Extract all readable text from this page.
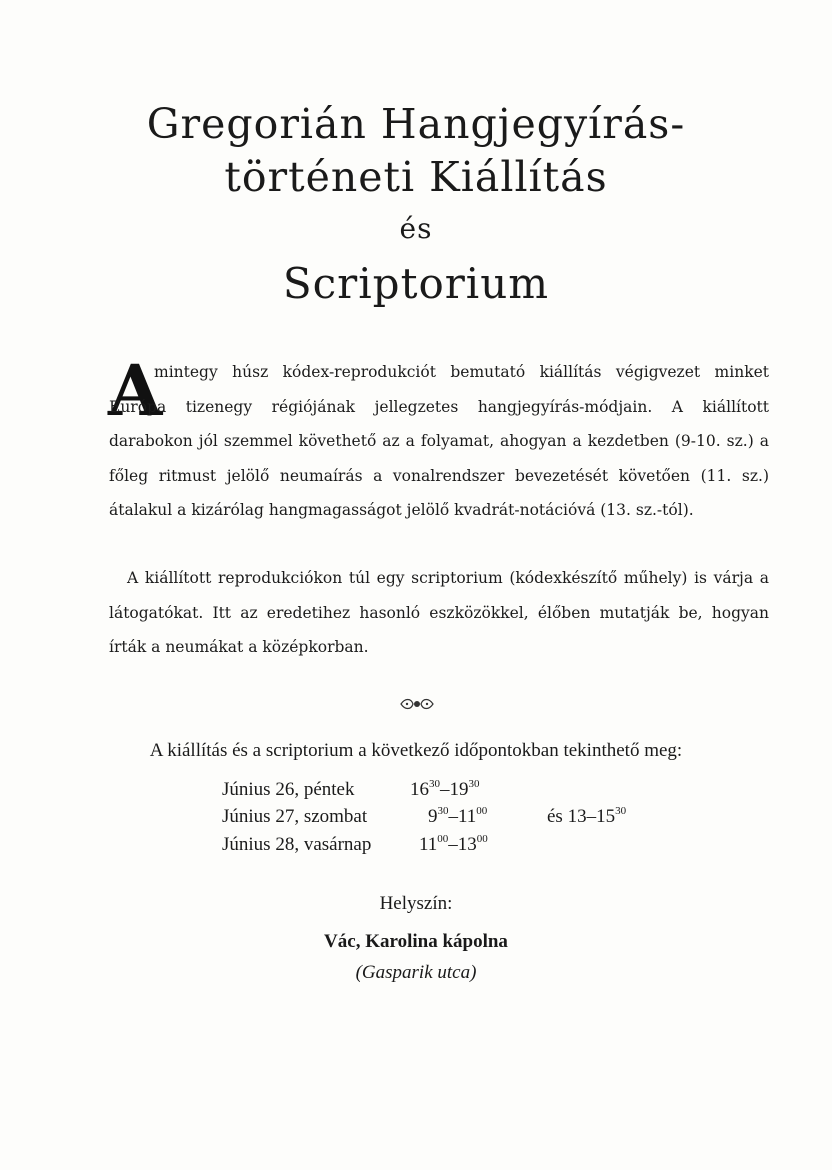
Gregorián Hangjegyírás-
történeti Kiállítás
és
Scriptorium
A
mintegy húsz kódex-reprodukciót bemutató kiállítás végigvezet minket Európa tizenegy régiójának jellegzetes hangjegyírás-módjain. A kiállított darabokon jól szemmel követhető az a folyamat, ahogyan a kezdetben (9-10. sz.) a főleg ritmust jelölő neumaírás a vonalrendszer bevezetését követően (11. sz.) átalakul a kizárólag hangmagasságot jelölő kvadrát-notációvá (13. sz.-tól).
A kiállított reprodukciókon túl egy scriptorium (kódexkészítő műhely) is várja a látogatókat. Itt az eredetihez hasonló eszközökkel, élőben mutatják be, hogyan írták a neumákat a középkorban.
A kiállítás és a scriptorium a következő időpontokban tekinthető meg:
Június 26, péntek	$16^{30}-19^{30}$
Június 27, szombat	$9^{30}-11^{00}$	és $13-15^{30}$
Június 28, vasárnap	$11^{00}-13^{00}$
Helyszín:
Vác, Karolina kápolna
(Gasparik utca)
